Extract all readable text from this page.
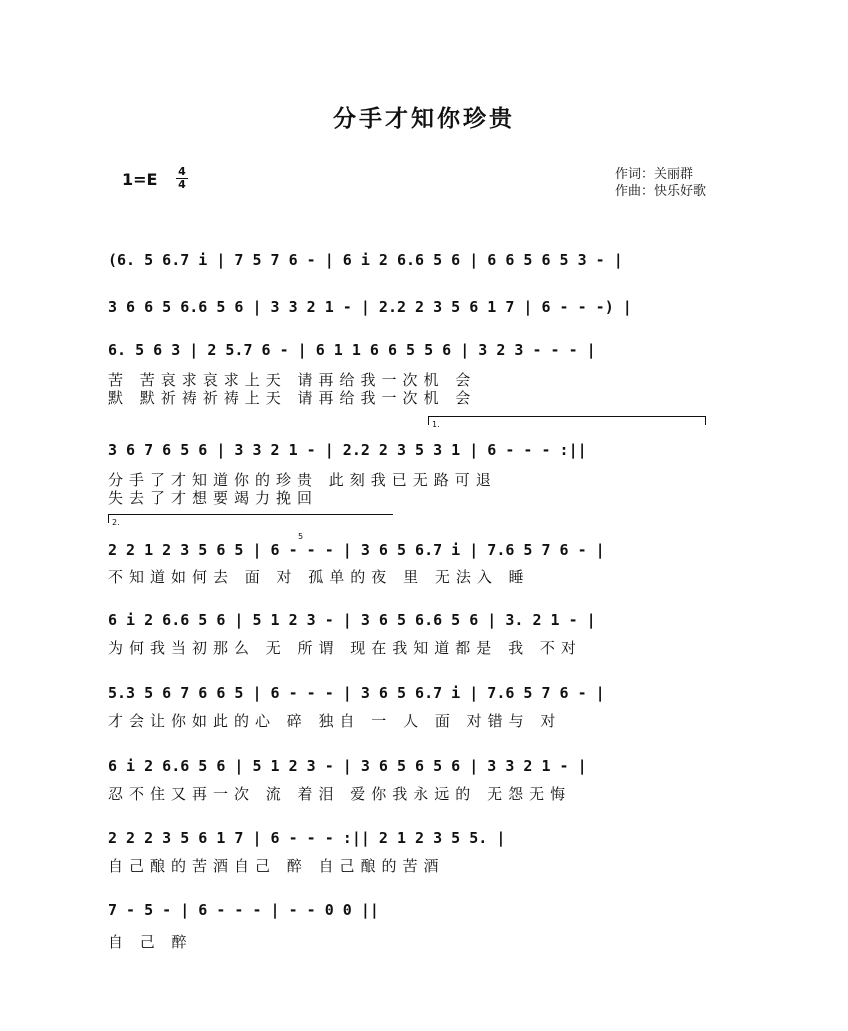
分手才知你珍贵
1=E 4
4
作词：关丽群
作曲：快乐好歌
(6. 5 6.7 i | 7 5 7 6 - | 6 i 2 6.6 5 6 | 6 6 5 6 5 3 - |
3 6 6 5 6.6 5 6 | 3 3 2 1 - | 2.2 2 3 5 6 1 7 | 6 - - -) |
6. 5 6 3 | 2 5.7 6 - | 6 1 1 6 6 5 5 6 | 3 2 3 - - - |
苦 苦哀求哀求上天 请再给我一次机 会
默 默祈祷祈祷上天 请再给我一次机 会
1.
3 6 7 6 5 6 | 3 3 2 1 - | 2.2 2 3 5 3 1 | 6 - - - :||
分手了才知道你的珍贵 此刻我已无路可退
失去了才想要竭力挽回
2.
5
2 2 1 2 3 5 6 5 | 6 - - - | 3 6 5 6.7 i | 7.6 5 7 6 - |
不知道如何去 面 对 孤单的夜 里 无法入 睡
6 i 2 6.6 5 6 | 5 1 2 3 - | 3 6 5 6.6 5 6 | 3. 2 1 - |
为何我当初那么 无 所谓 现在我知道都是 我 不对
5.3 5 6 7 6 6 5 | 6 - - - | 3 6 5 6.7 i | 7.6 5 7 6 - |
才会让你如此的心 碎 独自 一 人 面 对错与 对
6 i 2 6.6 5 6 | 5 1 2 3 - | 3 6 5 6 5 6 | 3 3 2 1 - |
忍不住又再一次 流 着泪 爱你我永远的 无怨无悔
2 2 2 3 5 6 1 7 | 6 - - - :|| 2 1 2 3 5 5. |
自己酿的苦酒自己 醉 自己酿的苦酒
7 - 5 - | 6 - - - | - - 0 0 ||
自 己 醉
